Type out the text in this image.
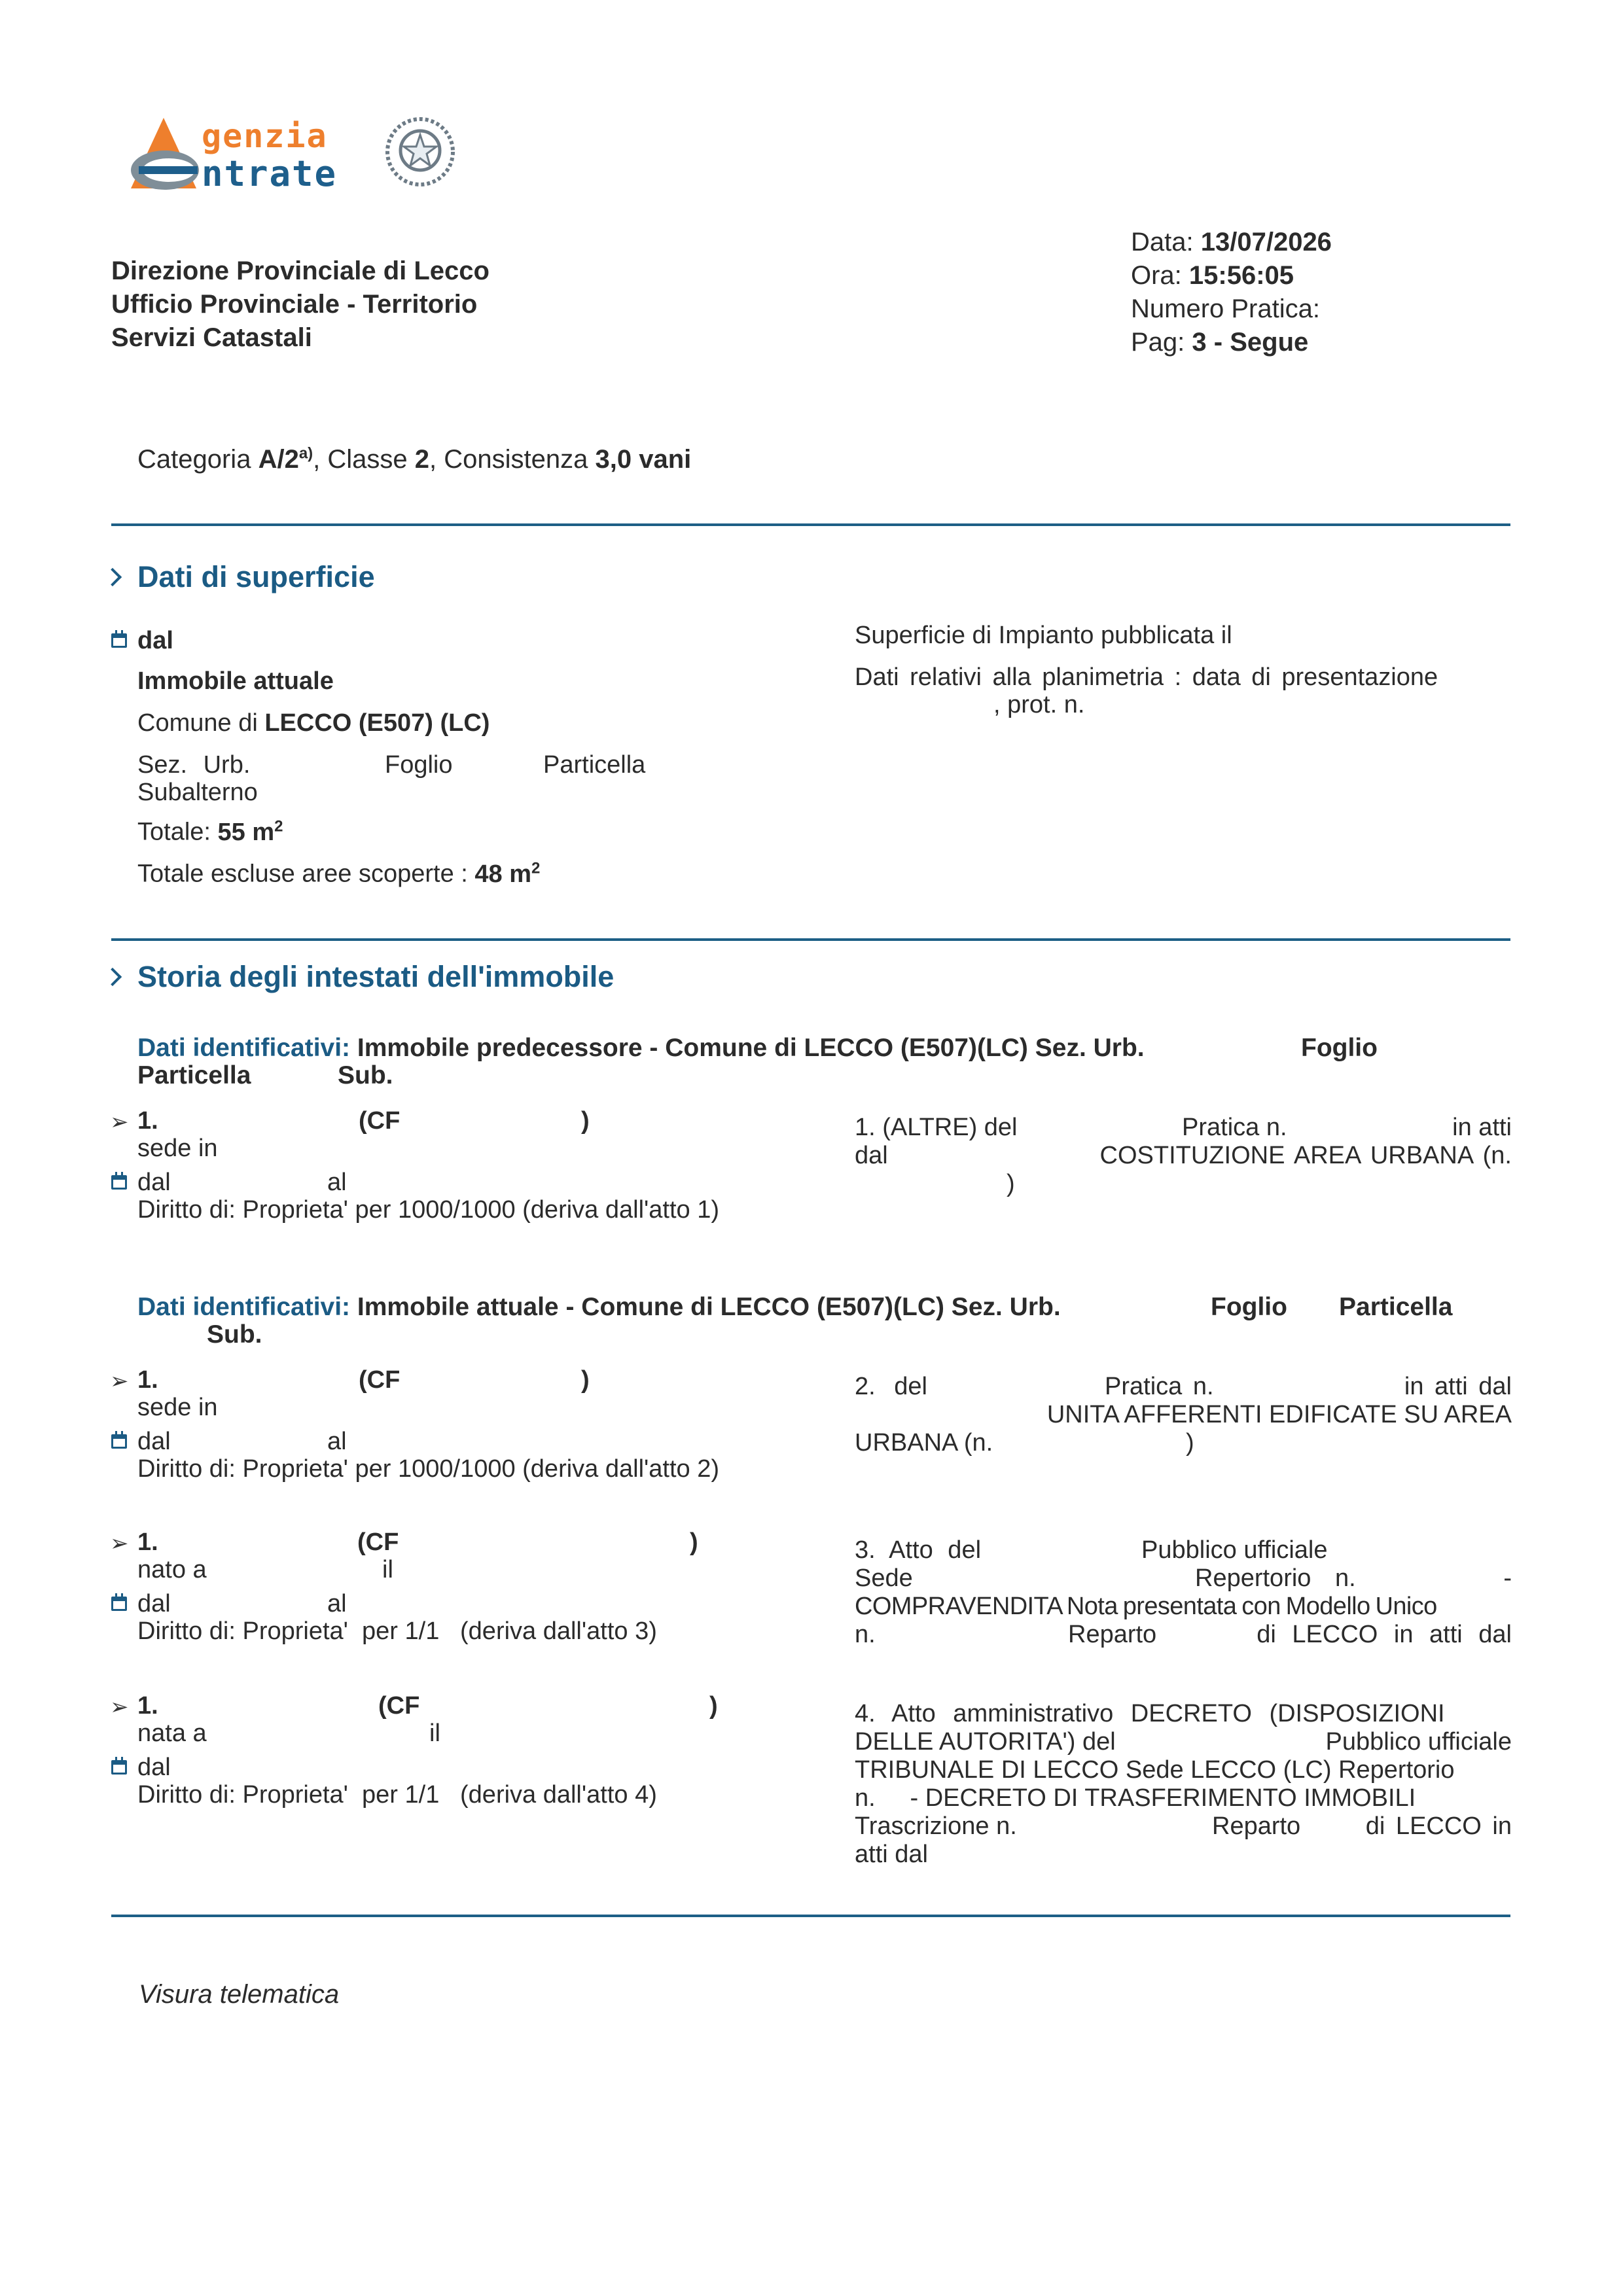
genzia
ntrate
Direzione Provinciale di Lecco
Ufficio Provinciale - Territorio
Servizi Catastali
Data: 13/07/2026
Ora: 15:56:05
Numero Pratica:
Pag: 3 - Segue
Categoria A/2$^{a)}$, Classe 2, Consistenza 3,0 vani
Dati di superficie
dal
Immobile attuale
Comune di LECCO (E507) (LC)
Sez. Urb.	Foglio	Particella
Subalterno
Totale: 55 $m^2$
Totale escluse aree scoperte : 48 $m^2$
Superficie di Impianto pubblicata il
Dati relativi alla planimetria : data di presentazione
, prot. n.
Storia degli intestati dell'immobile
Dati identificativi: Immobile predecessore - Comune di LECCO (E507)(LC) Sez. Urb.	Foglio
Particella	Sub.
➢ 1.	(CF	)
sede in
dal	al
Diritto di: Proprieta' per 1000/1000 (deriva dall'atto 1)
1. (ALTRE) del	Pratica n.	in atti
dal	COSTITUZIONE AREA URBANA (n.
)
Dati identificativi: Immobile attuale - Comune di LECCO (E507)(LC) Sez. Urb.	Foglio Particella
Sub.
➢ 1.	(CF	)
sede in
dal	al
Diritto di: Proprieta' per 1000/1000 (deriva dall'atto 2)
2. del	Pratica n.	in atti dal
UNITA AFFERENTI EDIFICATE SU AREA
URBANA (n.	)
➢ 1.	(CF	)
nato a	il
dal	al
Diritto di: Proprieta'  per 1/1   (deriva dall'atto 3)
3. Atto del	Pubblico ufficiale
Sede	Repertorio n.	-
COMPRAVENDITA Nota presentata con Modello Unico
n.	Reparto	di LECCO in atti dal
➢ 1.	(CF	)
nata a	il
dal
Diritto di: Proprieta'  per 1/1   (deriva dall'atto 4)
4. Atto amministrativo DECRETO (DISPOSIZIONI
DELLE AUTORITA') del	Pubblico ufficiale
TRIBUNALE DI LECCO Sede LECCO (LC) Repertorio
n.     - DECRETO DI TRASFERIMENTO IMMOBILI
Trascrizione n.	Reparto	di LECCO in
atti dal
Visura telematica
